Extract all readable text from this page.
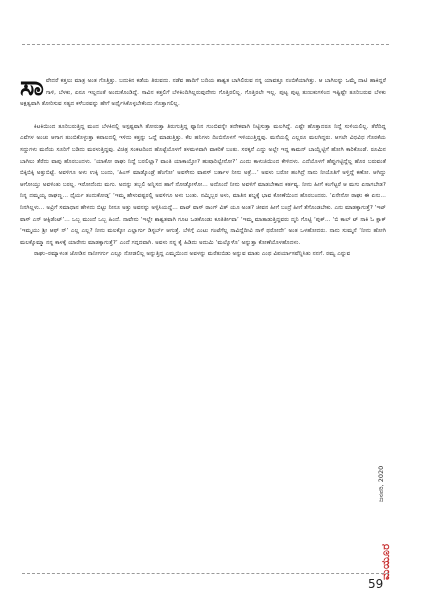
ಸಾವೇದರೆ ಕತ್ತಲು ಮಾತ್ರ ಅಂತ ಗೊತ್ತಿತ್ತು. ಬದುಕಿನ ಕಡೆಯ ತಿರುವದು. ನಡೆವ ಹಾದಿಗೆ ಬದಿಯ ಶಾಶ್ವತ ಬಾಗಿಲಿರುವ ನನ್ನ ಯಾವತ್ತೂ ನಂಬಿಕೆಯಾಗಿತ್ತು. ಆ ಬಾಗಿಲನ್ನು ಒಮ್ಮೆ ದಾಟಿ ಹಾಕಿದ್ದರೆ ಗಾಳಿ, ಬೆಳಕು, ಏನೂ ಇಲ್ಲದಂತೆ ಅಂದುಕೊಂಡಿದ್ದೆ. ಸಾವಿನ ಕತ್ತಲಿಗೆ ಬೆಳಕಿಂದಿಗಿಲ್ಲರುವುದೇನು ಗೊತ್ತಿರಲಿಲ್ಲ. ಗೊತ್ತಿರಲೇ ಇಲ್ಲ. ಪುಟ್ಟ ಪುಟ್ಟ ತುಣುಕುಗಳಿಂದ ಇಷ್ಟಿಷ್ಟೇ ತೂರಿಬರುವ ಬೆಳಕು ಅಕ್ಷತ್ವವಾಗಿ ತೋರಿಸುವ ಸತ್ಯದ ಕಳೆಬರವನ್ನು ಹೇಗೆ ಅರ್ಥೈಸಿಕೊಳ್ಳಬೇಕೆಂದು ಗೊತ್ತಾಗಲಿಲ್ಲ.

ಕಿಟಕಿಯಿಂದ ತೂರಿಬರುತ್ತಿದ್ದ ಮಂದ ಬೆಳಕಿನಲ್ಲಿ ಅಸ್ಪಷ್ಟವಾಗಿ ತೋರುತ್ತಾ ತಿರುಗುತ್ತಿದ್ದ ಫ್ಯಾನಿನ ಗುಂಬಿವನ್ನೇ ತದೇಕವಾಗಿ ನಿಟ್ಟಿಸುತ್ತಾ ಮಲಗಿದ್ದೆ. ಎಷ್ಟೇ ಹೊತ್ತಾದರೂ ನಿದ್ದೆ ಸುಳಿಯಲಿಲ್ಲ. ತೆರೆದಿದ್ದ ಎವೆಗಳ ಅಂಚು ಆಗಾಗ ತುಂಬಿಕೊಳ್ಳುತ್ತಾ ಕಪಾಲದಲ್ಲಿ ಇಳಿದು ಕತ್ತನ್ನು ಒದ್ದೆ ಮಾಡುತ್ತಿತ್ತು. ಕೆಲ ಹನಿಗಳು ದಿಂಬಿನೊಳಗೆ ಇಳಿಯುತ್ತಿದ್ದವು. ಮನೆಯಲ್ಲಿ ಎಲ್ಲರೂ ಮಲಗಿದ್ದರು. ಆಗಲೇ ವಿಧವಿಧ ಗೊರಕೆಯ ಸದ್ದುಗಳು ಮನೆಯ ಸೂರಿಗೆ ಬಡಿದು ಮರಳುತ್ತಿದ್ದವು. ವಿಚಿತ್ರ ಸಂಕಟದಿಂದ ಹೊಟ್ಟೆಯೊಳಗೆ ತಳಮಳವಾಗಿ ವಾಕರಿಕೆ ಬಂತು. ಸರಕ್ಕನೆ ಎದ್ದು ಅಲ್ಲೇ ಇದ್ದ ಕಾಮನ್ ಬಾಯ್ಲೆಟ್ಟಿಗೆ ಹೋಗಿ ಕಾರಿಕೊಂಡೆ. ರೂಮಿನ ಬಾಗಿಲು ತೆರೆದು ವಾಪು ಹೊರಬಂದಳು. ‘ಯಾಕೋ ರಾಘು ನಿದ್ದೆ ಬರಲಿಲ್ಲಾ? ವಾಂತಿ ಯಾಕಾಯ್ತೋ? ಹುಷಾರಿಲ್ವೇನೋ?’ ಎಂದು ಕಾಳುಜಿಯಿಂದ ಕೇಳಿದಳು. ಎದೆಯೊಳಗೆ ಹೆಪ್ಪುಗಟ್ಟಿದ್ದೆಲ್ಲ ಹೊರ ಬರುವಂತೆ ಬಿಕ್ಕಿಬಿಕ್ಕಿ ಅತ್ತುಬಿಟ್ಟೆ. ಅವಳಿಗೂ ಅಳು ಉಕ್ಕಿ ಬಂದು, ‘ಹಿಂಗ್ ಮಾಡ್ಕೊಂಡ್ರೆ ಹೆಂಗೋ’ ಅವಳೇನು ವಾಪಸ್ ಬರ್ತಾಳ ನೀನು ಅತ್ರೆ...’ ಅವಳು ಬರೋ ಹಂಗಿದ್ರೆ ನಾನು ನೀಯೊತಿಗೆ ಅಳ್ತಿದ್ದೆ ಕಣೋ. ಆಗಿದ್ದು ಆಗೋಯ್ತು ಅವಳಿಂತು ಬರಲ್ಲ. ಇರೋದೆಂದು ಮಗು. ಅದನ್ನು ತಬ್ಬಲಿ ಅನ್ನಿಸದ ಹಾಗೆ ನೋಡ್ಕೋಳೋ... ಅದೊಂದೆ ನೀನು ಅವಳಿಗೆ ಮಾಡಬೇಕಾದ ಕರ್ತವ್ಯ. ನೀನು ಹೀಗೆ ಕಂಗೆಟ್ಟರೆ ಆ ಮಗು ಏನಾಗಬೇಡ? ನಿನ್ನ ದಮ್ಮಯ್ಯ ರಾಘಣ್ಣ... ಧೈರ್ಯ ತಂದುಕೋಡ್ಗ’ ‘ಇಮ್ಮ ಹೇಳುವಷ್ಟರಲ್ಲಿ ಅವಳಿಗೂ ಅಳು ಬಂತು. ನಮ್ಮಿಬ್ಬರ ಅಳು, ಮಾತಿನ ಶಬ್ದಕ್ಕೆ ಭಾವ ಕೋಣೆಯಿಂದ ಹೊರಬಂದರು. ‘ಏನೇನೋ ರಾಘು ಈ ಏನು... ನಿನಗಿಲ್ಲಳು... ಅವ್ರಿಗೆ ಸಮಾಧಾನ ಹೇಳದು ಬಿಟ್ಟು ನೀನೂ ಅತ್ತು ಅವನನ್ನು ಅಳ್ಳಿಸಿಯದ್ದೆ... ವಾಟ್ ವಾಸ್ ರಾಂಗ್ ವಿತ್ ಯೂ ಅಂತ? ಜೀವನ ಹೀಗೆ ಬಂದ್ರೆ ಹೀಗೆ ತೆಗೊಂಡಬೇಕು. ಎನು ಮಾಡಕ್ಕಾಗುತ್ತೆ? ‘ಇಟ್ ವಾಸ್ ಎನ್ ಆಕ್ಸಿಡೆಂಟ್’... ಒಬ್ಬ ಮುಂದೆ ಒಬ್ಬ ಹಿಂದೆ. ನಾವೇನು ‘ಇಲ್ಲೇ ಶಾಶ್ವತವಾಗಿ ಗೂಟ ಒಡಕೊಂಡು ಕೂತಿರ್ತೀವಾ’ ‘ಇಮ್ಮ ಮಾತಾಡುತ್ತಿದ್ದವರು ದ್ಮನಿ ಗೊಟ್ಟಿ ‘ಪುಕ್... ‘ಬಿ ಕಾಲ್ ಟ್ ನಾಕಿ ಓ ಕ್ಲಾಕ್ ‘ಇಮ್ಮಯು ಶ್ರೀ ಆಫ್ ನ್’ ಎಲ್ಲ ಎಲ್ಲ? ನೀನು ಮಲಕ್ಕೋ ಎಲ್ಲಾರ್ಗು ಡಿಸ್ಟರ್ಬ್ ಆಗುತ್ತೆ. ಬೆಳಿಗ್ಗೆ ಎಂಟು ಗಂಟೆಗೆಲ್ಲ ನಾವಿದ್ದೆದೀವಿ ನಾಳೆ ಥರೋದೇ’ ಅಂತ ಒಳಹೋದರು. ನಾನು ಸುಮ್ಮನೆ ‘ನೀನು ಹೋಗಿ ಮಲಕ್ಕೊಮ್ಮಾ ನನ್ನ ಕಾಳಕ್ಕೆ ಯಾರೇನು ಮಾಡಕ್ಕಾಗುತ್ತೆ?’ ಎಂದೆ ಗದ್ಗದವಾಗಿ. ಅವಳು ನನ್ನ ಕೈ ಹಿಡಿದು ಅದುಮಿ ‘ಮಲ್ಕೊಳೊ’ ಅನ್ನುತ್ತಾ ಕೋಣೆಯೊಳಹೊದಳು.

ರಾಘು–ರಮ್ಯಾಳಂತ ಜೋಡಿನ ನಾನೀಗರ್ಗು ಎಲ್ಲೂ ನೋಡಲಿಲ್ಲ ಅನ್ನುತ್ತಿದ್ದ ಎಮ್ಮಯಿಂದ ಅವಳನ್ನು ಮರೆತುಬಿಡು ಅನ್ನುವ ಮಾತು ಎಂಥ ವಿಪರ್ಯಾಸವೆನ್ನಿಸಿತು ನನಗೆ. ರಮ್ಯ ಎನ್ನುವ

ಜನವರಿ, 2020
ಮಯೂರ
59
